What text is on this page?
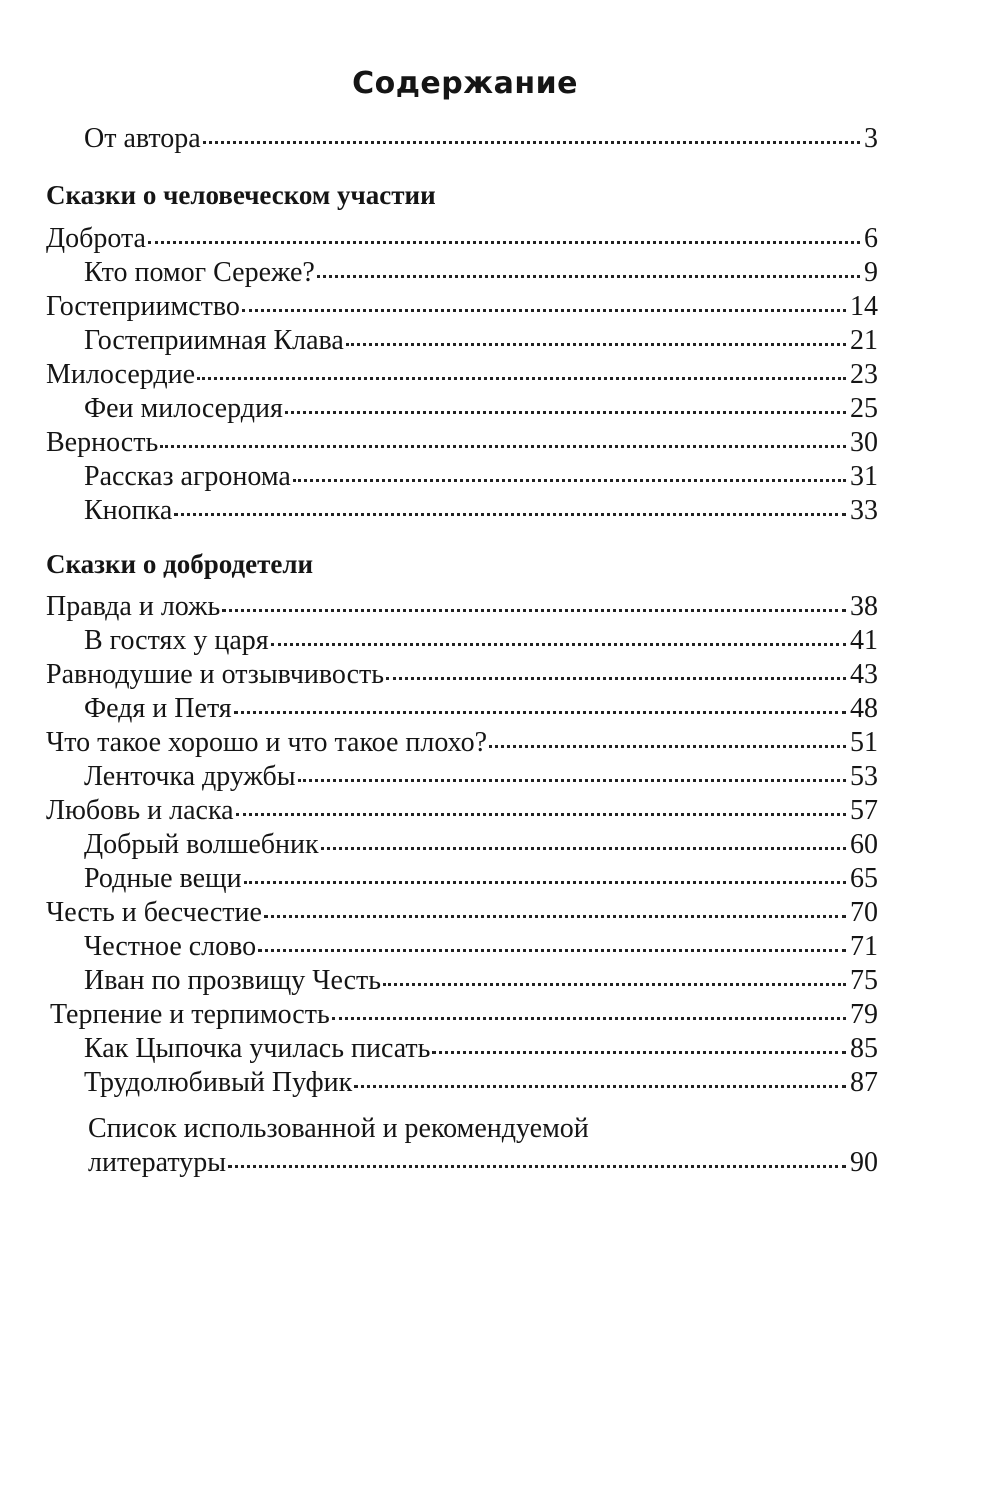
Содержание
От автора	3
Сказки о человеческом участии
Доброта	6
Кто помог Сереже?	9
Гостеприимство	14
Гостеприимная Клава	21
Милосердие	23
Феи милосердия	25
Верность	30
Рассказ агронома	31
Кнопка	33
Сказки о добродетели
Правда и ложь	38
В гостях у царя	41
Равнодушие и отзывчивость	43
Федя и Петя	48
Что такое хорошо и что такое плохо?	51
Ленточка дружбы	53
Любовь и ласка	57
Добрый волшебник	60
Родные вещи	65
Честь и бесчестие	70
Честное слово	71
Иван по прозвищу Честь	75
Терпение и терпимость	79
Как Цыпочка училась писать	85
Трудолюбивый Пуфик	87
Список использованной и рекомендуемой
литературы	90
